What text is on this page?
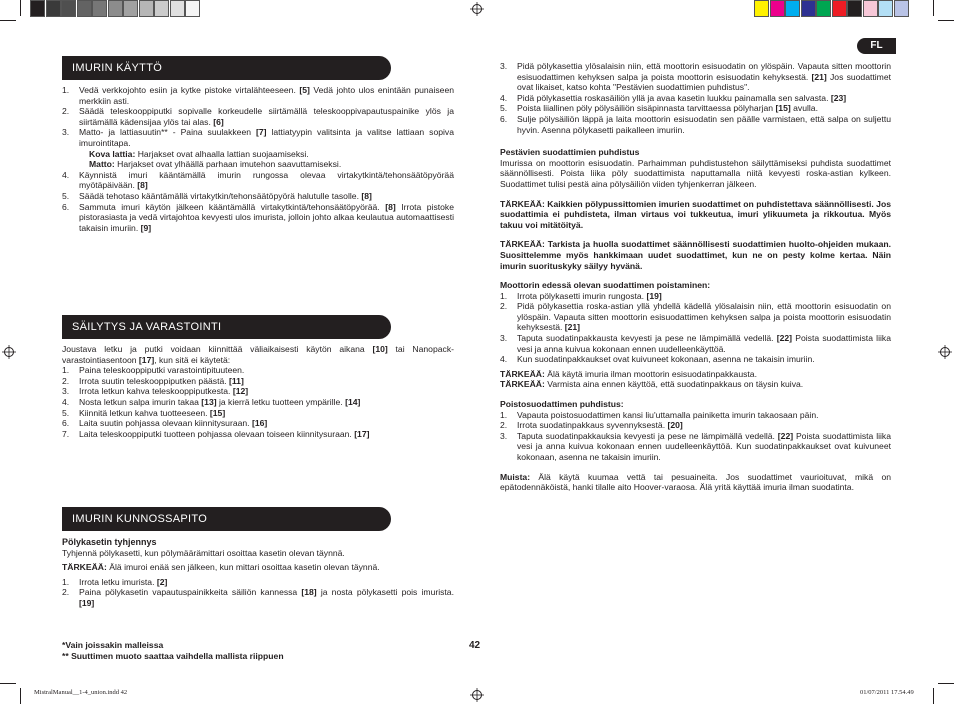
FL
IMURIN KÄYTTÖ
1.	Vedä verkkojohto esiin ja kytke pistoke virtalähteeseen. [5] Vedä johto ulos enintään punaiseen merkkiin asti.
2.	Säädä teleskooppiputki sopivalle korkeudelle siirtämällä teleskooppivapautuspainike ylös ja siirtämällä kädensijaa ylös tai alas. [6]
3.	Matto- ja lattiasuutin** - Paina suulakkeen [7] lattiatyypin valitsinta ja valitse lattiaan sopiva imurointitapa.

Kova lattia: Harjakset ovat alhaalla lattian suojaamiseksi.

Matto: Harjakset ovat ylhäällä parhaan imutehon saavuttamiseksi.

4.	Käynnistä imuri kääntämällä imurin rungossa olevaa virtakytkintä/tehonsäätöpyörää myötäpäivään. [8]
5.	Säädä tehotaso kääntämällä virtakytkin/tehonsäätöpyörä halutulle tasolle. [8]
6.	Sammuta imuri käytön jälkeen kääntämällä virtakytkintä/tehonsäätöpyörää. [8] Irrota pistoke pistorasiasta ja vedä virtajohtoa kevyesti ulos imurista, jolloin johto alkaa keulautua automaattisesti takaisin imuriin. [9]
SÄILYTYS JA VARASTOINTI

Joustava letku ja putki voidaan kiinnittää väliaikaisesti käytön aikana [10] tai Nanopack-varastointiasentoon [17], kun sitä ei käytetä:

1.	Paina teleskooppiputki varastointipituuteen.
2.	Irrota suutin teleskooppiputken päästä. [11]
3.	Irrota letkun kahva teleskooppiputkesta. [12]
4.	Nosta letkun salpa imurin takaa [13] ja kierrä letku tuotteen ympärille. [14]
5.	Kiinnitä letkun kahva tuotteeseen. [15]
6.	Laita suutin pohjassa olevaan kiinnitysuraan. [16]
7.	Laita teleskooppiputki tuotteen pohjassa olevaan toiseen kiinnitysuraan. [17]
IMURIN KUNNOSSAPITO

Pölykasetin tyhjennys

Tyhjennä pölykasetti, kun pölymäärämittari osoittaa kasetin olevan täynnä.

TÄRKEÄÄ: Älä imuroi enää sen jälkeen, kun mittari osoittaa kasetin olevan täynnä.

1.	Irrota letku imurista. [2]
2.	Paina pölykasetin vapautuspainikkeita säiliön kannessa [18] ja nosta pölykasetti pois imurista. [19]

*Vain joissakin malleissa

** Suuttimen muoto saattaa vaihdella mallista riippuen

42
3.	Pidä pölykasettia ylösalaisin niin, että moottorin esisuodatin on ylöspäin. Vapauta sitten moottorin esisuodattimen kehyksen salpa ja poista moottorin esisuodatin kehyksestä. [21] Jos suodattimet ovat likaiset, katso kohta "Pestävien suodattimien puhdistus".
4.	Pidä pölykasettia roskasäiliön yllä ja avaa kasetin luukku painamalla sen salvasta. [23]
5.	Poista liiallinen pöly pölysäiliön sisäpinnasta tarvittaessa pölyharjan [15] avulla.
6.	Sulje pölysäiliön läppä ja laita moottorin esisuodatin sen päälle varmistaen, että salpa on suljettu hyvin. Asenna pölykasetti paikalleen imuriin.

Pestävien suodattimien puhdistus

Imurissa on moottorin esisuodatin. Parhaimman puhdistustehon säilyttämiseksi puhdista suodattimet säännöllisesti. Poista liika pöly suodattimista naputtamalla niitä kevyesti roska-astian kylkeen. Suodattimet tulisi pestä aina pölysäiliön viiden tyhjenkerran jälkeen.

TÄRKEÄÄ: Kaikkien pölypussittomien imurien suodattimet on puhdistettava säännöllisesti. Jos suodattimia ei puhdisteta, ilman virtaus voi tukkeutua, imuri ylikuumeta ja rikkoutua. Myös takuu voi mitätöityä.

TÄRKEÄÄ: Tarkista ja huolla suodattimet säännöllisesti suodattimien huolto-ohjeiden mukaan. Suosittelemme myös hankkimaan uudet suodattimet, kun ne on pesty kolme kertaa. Näin imurin suorituskyky säilyy hyvänä.

Moottorin edessä olevan suodattimen poistaminen:

1.	Irrota pölykasetti imurin rungosta. [19]
2.	Pidä pölykasettia roska-astian yllä yhdellä kädellä ylösalaisin niin, että moottorin esisuodatin on ylöspäin. Vapauta sitten moottorin esisuodattimen kehyksen salpa ja poista moottorin esisuodatin kehyksestä. [21]
3.	Taputa suodatinpakkausta kevyesti ja pese ne lämpimällä vedellä. [22] Poista suodattimista liika vesi ja anna kuivua kokonaan ennen uudelleenkäyttöä.
4.	Kun suodatinpakkaukset ovat kuivuneet kokonaan, asenna ne takaisin imuriin.

TÄRKEÄÄ: Älä käytä imuria ilman moottorin esisuodatinpakkausta.

TÄRKEÄÄ: Varmista aina ennen käyttöä, että suodatinpakkaus on täysin kuiva.

Poistosuodattimen puhdistus:

1.	Vapauta poistosuodattimen kansi liu'uttamalla painiketta imurin takaosaan päin.
2.	Irrota suodatinpakkaus syvennyksestä. [20]
3.	Taputa suodatinpakkauksia kevyesti ja pese ne lämpimällä vedellä. [22] Poista suodattimista liika vesi ja anna kuivua kokonaan ennen uudelleenkäyttöä. Kun suodatinpakkaukset ovat kuivuneet kokonaan, asenna ne takaisin imuriin.

Muista: Älä käytä kuumaa vettä tai pesuaineita. Jos suodattimet vaurioituvat, mikä on epätodennäköistä, hanki tilalle aito Hoover-varaosa. Älä yritä käyttää imuria ilman suodatinta.

MistralManual__1-4_union.indd 42	01/07/2011 17.54.49
